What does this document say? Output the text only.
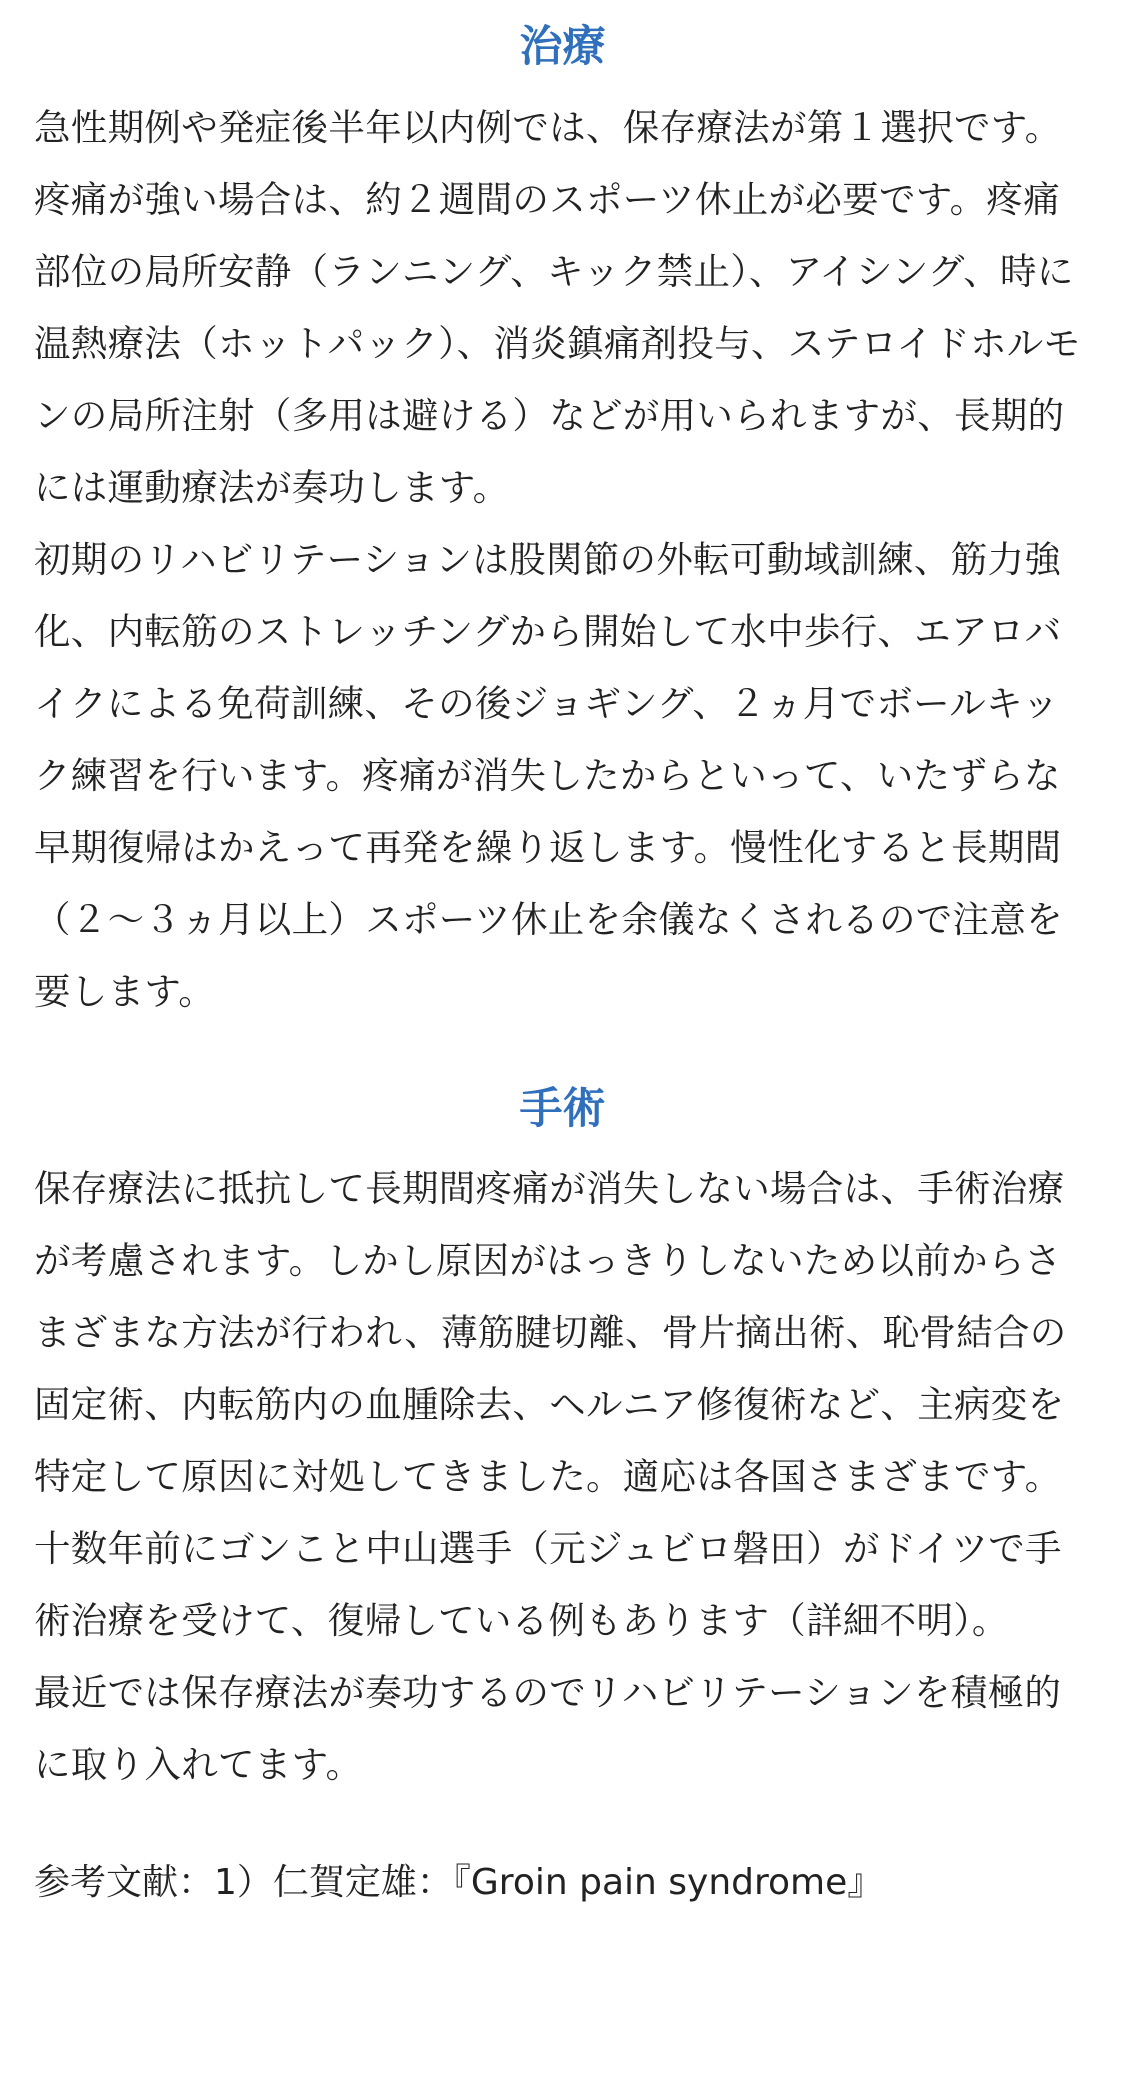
治療

急性期例や発症後半年以内例では、保存療法が第１選択です。疼痛が強い場合は、約２週間のスポーツ休止が必要です。疼痛部位の局所安静（ランニング、キック禁止）、アイシング、時に温熱療法（ホットパック）、消炎鎮痛剤投与、ステロイドホルモンの局所注射（多用は避ける）などが用いられますが、長期的には運動療法が奏功します。

初期のリハビリテーションは股関節の外転可動域訓練、筋力強化、内転筋のストレッチングから開始して水中歩行、エアロバイクによる免荷訓練、その後ジョギング、２ヵ月でボールキック練習を行います。疼痛が消失したからといって、いたずらな早期復帰はかえって再発を繰り返します。慢性化すると長期間（２～３ヵ月以上）スポーツ休止を余儀なくされるので注意を要します。

手術

保存療法に抵抗して長期間疼痛が消失しない場合は、手術治療が考慮されます。しかし原因がはっきりしないため以前からさまざまな方法が行われ、薄筋腱切離、骨片摘出術、恥骨結合の固定術、内転筋内の血腫除去、ヘルニア修復術など、主病変を特定して原因に対処してきました。適応は各国さまざまです。十数年前にゴンこと中山選手（元ジュビロ磐田）がドイツで手術治療を受けて、復帰している例もあります（詳細不明）。

最近では保存療法が奏功するのでリハビリテーションを積極的に取り入れてます。

参考文献：1）仁賀定雄：『Groin pain syndrome』
